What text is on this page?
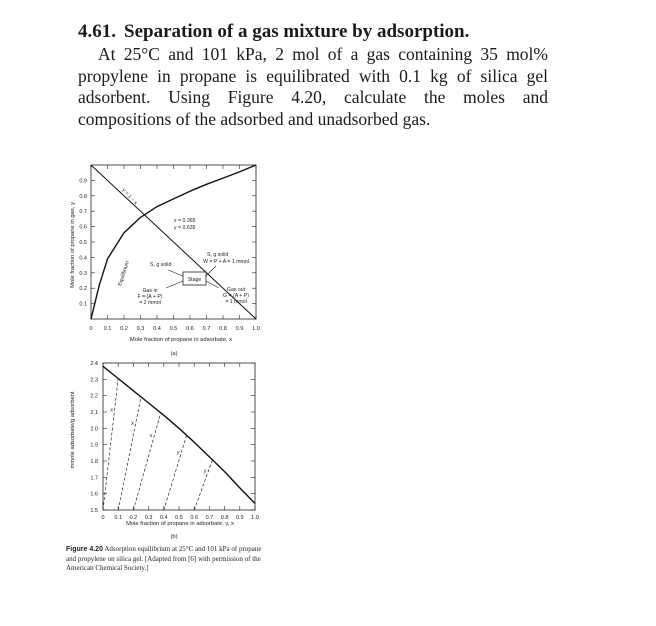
4.61. Separation of a gas mixture by adsorption.

At 25°C and 101 kPa, 2 mol of a gas containing 35 mol% propylene in propane is equilibrated with 0.1 kg of silica gel adsorbent. Using Figure 4.20, calculate the moles and compositions of the adsorbed and unadsorbed gas.

0 0.1 0.2 0.3 0.4 0.5 0.6 0.7 0.8 0.9 1.0
0.1
0.2
0.3
0.4
0.5
0.6
0.7
0.8
0.9
Mole fraction of propane in adsorbate, x
Mole fraction of propane in gas, y
(a)
y = 1 − x
Equilibrium
x = 0.365
y = 0.635
S, g solid
S, g solid
W = P + A = 1 mmol
Stage
Gas in
F = (A + P)
= 2 mmol
Gas out
G = (A + P)
= 1 mmol
0 0.1 0.2 0.3 0.4 0.5 0.6 0.7 0.8 0.9 1.0
2.4
2.3
2.2
2.1
2.0
1.9
1.8
1.7
1.6
1.5
x
x
x
y
y
Mole fraction of propane in adsorbate, y, x
mmole adsorbate/g adsorbent
(b)
Figure 4.20 Adsorption equilibrium at 25°C and 101 kPa of propane and propylene on silica gel. [Adapted from [6] with permission of the American Chemical Society.]
